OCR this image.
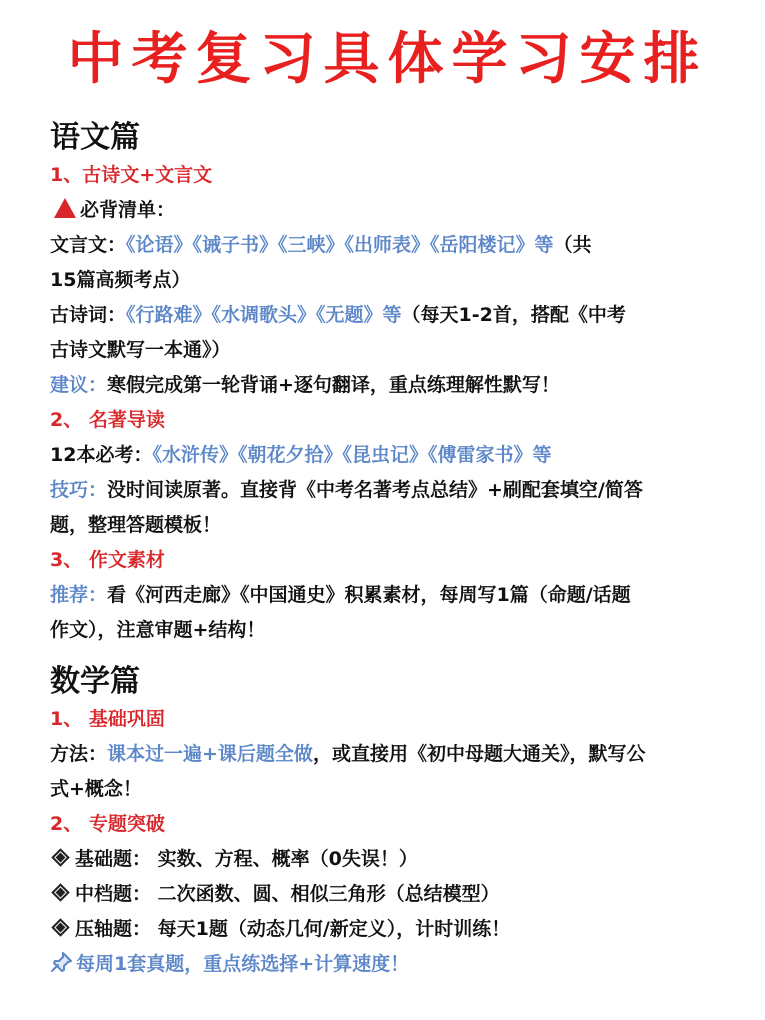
中考复习具体学习安排
语文篇
1、古诗文+文言文
必背清单：
文言文：《论语》《诫子书》《三峡》《出师表》《岳阳楼记》等（共
15篇高频考点）
古诗词：《行路难》《水调歌头》《无题》等（每天1-2首，搭配《中考
古诗文默写一本通》）
建议：寒假完成第一轮背诵+逐句翻译，重点练理解性默写！
2、 名著导读
12本必考：《水浒传》《朝花夕拾》《昆虫记》《傅雷家书》等
技巧：没时间读原著。直接背《中考名著考点总结》+刷配套填空/简答
题，整理答题模板！
3、 作文素材
推荐：看《河西走廊》《中国通史》积累素材，每周写1篇（命题/话题
作文），注意审题+结构！
数学篇
1、 基础巩固
方法：课本过一遍+课后题全做，或直接用《初中母题大通关》，默写公
式+概念！
2、 专题突破
基础题： 实数、方程、概率（0失误！）
中档题： 二次函数、圆、相似三角形（总结模型）
压轴题： 每天1题（动态几何/新定义），计时训练！
每周1套真题，重点练选择+计算速度！
